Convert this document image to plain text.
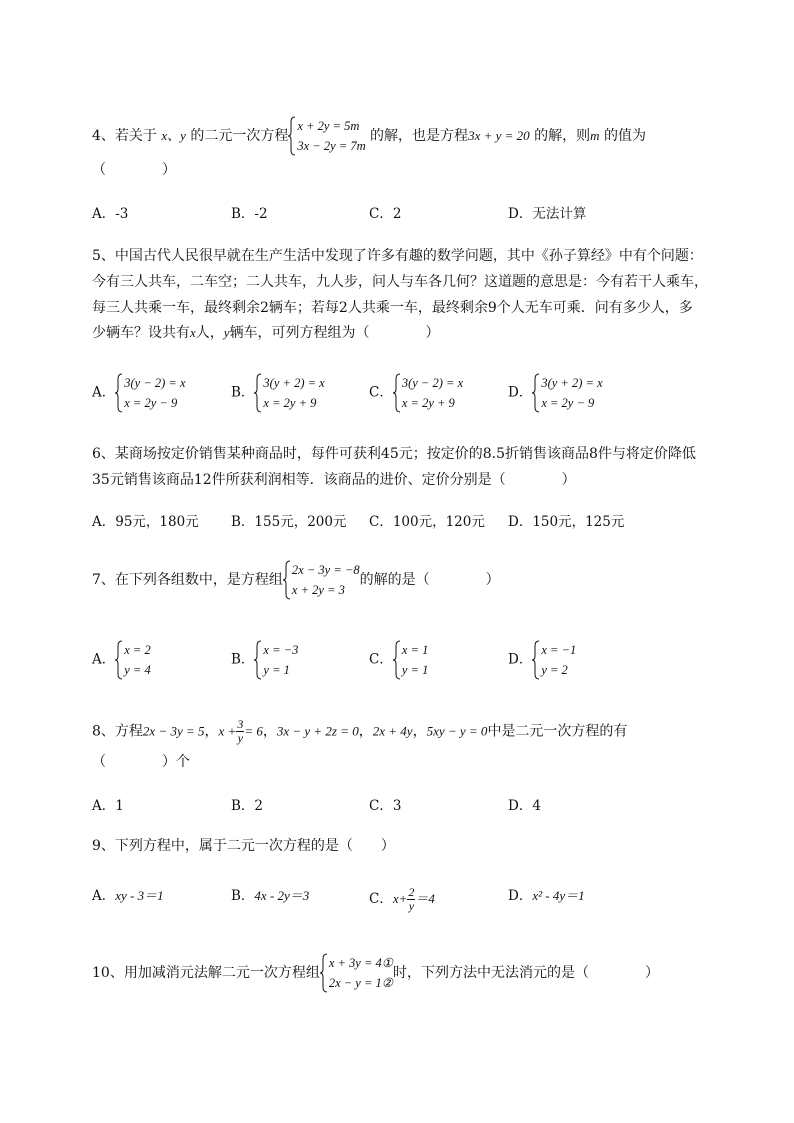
4、若关于 x、y 的二元一次方程
x + 2y = 5m
3x − 2y = 7m
的解，也是方程3x + y = 20 的解，则m 的值为
（　　　　）
A．-3	B．-2	C．2	D．无法计算
5、中国古代人民很早就在生产生活中发现了许多有趣的数学问题，其中《孙子算经》中有个问题：
今有三人共车，二车空；二人共车，九人步，问人与车各几何？这道题的意思是：今有若干人乘车，
每三人共乘一车，最终剩余2辆车；若每2人共乘一车，最终剩余9个人无车可乘．问有多少人，多
少辆车？设共有x人，y辆车，可列方程组为（　　　　）
A．
3(y − 2) = x
x = 2y − 9
B．
3(y + 2) = x
x = 2y + 9
C．
3(y − 2) = x
x = 2y + 9
D．
3(y + 2) = x
x = 2y − 9
6、某商场按定价销售某种商品时，每件可获利45元；按定价的8.5折销售该商品8件与将定价降低
35元销售该商品12件所获利润相等．该商品的进价、定价分别是（　　　　）
A．95元，180元 B．155元，200元 C．100元，120元 D．150元，125元
7、在下列各组数中，是方程组
2x − 3y = −8
x + 2y = 3
的解的是（　　　　）
A．
x = 2
y = 4
B．
x = −3
y = 1
C．
x = 1
y = 1
D．
x = −1
y = 2
8、方程2x − 3y = 5，$x + \frac{3}{y} = 6$，3x − y + 2z = 0，2x + 4y，5xy − y = 0中是二元一次方程的有
（　　　　）个
A．1	B．2	C．3	D．4
9、下列方程中，属于二元一次方程的是（　　）
A．xy - 3＝1	B．4x - 2y＝3	C．$x+ \frac{2}{y} =4$	D．x² - 4y＝1
10、用加减消元法解二元一次方程组
x + 3y = 4①
2x − y = 1②
时，下列方法中无法消元的是（　　　　）
